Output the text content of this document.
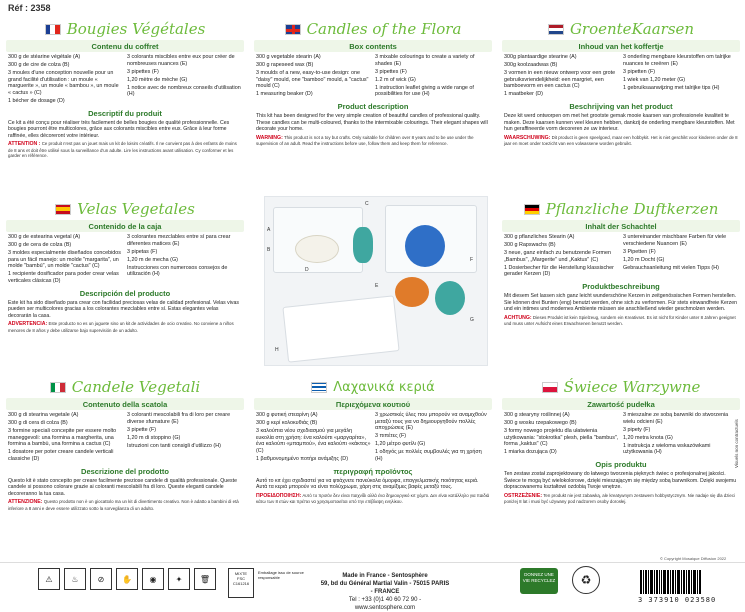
Réf : 2358
Bougies Végétales
Contenu du coffret
300 g de stéarine végétale (A)
300 g de cire de colza (B)
3 moules d'une conception nouvelle pour un grand facilité d'utilisation : un moule « marguerite », un moule « bambou », un moule « cactus » (C)
1 bécher de dosage (D)
3 colorants miscibles entre eux pour créer de nombreuses nuances (E)
3 pipettes (F)
1,20 mètre de mèche (G)
1 notice avec de nombreux conseils d'utilisation (H)
Descriptif du produit
Ce kit a été conçu pour réaliser très facilement de belles bougies de qualité professionnelle. Ces bougies pourront être multicolores, grâce aux colorants miscibles entre eux. Grâce à leur forme raffinée, elles décoreront votre intérieur.
ATTENTION : Ce produit n'est pas un jouet mais un kit de loisirs créatifs. Il ne convient pas à des enfants de moins de 8 ans et doit être utilisé sous la surveillance d'un adulte. Lire les instructions avant utilisation. Cy conformer et les garder en référence.
Candles of the Flora
Box contents
300 g vegetable stearin (A)
300 g rapeseed wax (B)
3 moulds of a new, easy-to-use design: one "daisy" mould, one "bamboo" mould, a "cactus" mould (C)
1 measuring beaker (D)
3 mixable colourings to create a variety of shades (E)
3 pipettes (F)
1.2 m of wick (G)
1 instruction leaflet giving a wide range of possibilities for use (H)
Product description
This kit has been designed for the very simple creation of beautiful candles of professional quality. These candles can be multi-coloured, thanks to the intermixable colourings. Their elegant shapes will decorate your home.
WARNING: This product is not a toy but crafts. Only suitable for children over 8 years and to be use under the supervision of an adult. Read the instructions before use, follow them and keep them for reference.
GroenteKaarsen
Inhoud van het koffertje
300g plantaardige stearine (A)
300g koolzaadwas (B)
3 vormen in een nieuw ontwerp voor een grote gebruiksvriendelijkheid: een margriet, een bamboevorm en een cactus (C)
1 maatbeker (D)
3 onderling mengbare kleurstoffen om talrijke nuances te creëren (E)
3 pipetten (F)
1 wiek van 1,20 meter (G)
1 gebruiksaanwijzing met talrijke tips (H)
Beschrijving van het product
Deze kit werd ontworpen om met het grootste gemak mooie kaarsen van professionele kwaliteit te maken. Deze kaarsen kunnen veel kleuren hebben, dankzij de onderling mengbare kleurstoffen. Met hun geraffineerde vorm decoreren ze uw interieur.
WAARSCHUWING: Dit product is geen speelgoed, maar een hobbykit. Het is niet geschikt voor kinderen onder de 8 jaar en moet onder toezicht van een volwassene worden gebruikt.
Velas Vegetales
Contenido de la caja
300 g de estearina vegetal (A)
300 g de cera de colza (B)
3 moldes especialmente diseñados concebidos para un fácil manejo: un molde "margarita", un molde "bambú", un molde "cactus" (C)
1 recipiente dosificador para poder crear velas verticales clásicas (D)
3 colorantes mezclables entre sí para crear diferentes matices (E)
3 pipetas (F)
1,20 m de mecha (G)
Instrucciones con numerosos consejos de utilización (H)
Descripción del producto
Este kit ha sido diseñado para crear con facilidad preciosas velas de calidad profesional. Velas vivas pueden ser multicolores gracias a los colorantes mezclables entre sí. Estas elegantes velas decorarán la casa.
ADVERTENCIA: Este producto no es un juguete sino un kit de actividades de ocio creativo. No conviene a niños menores de 8 años y debe utilizarse bajo supervisión de un adulto.
Pflanzliche Duftkerzen
Inhalt der Schachtel
300 g pflanzliches Stearin (A)
300 g Rapswachs (B)
3 neue, ganz einfach zu benutzende Formen „Bambus", „Margerite" und „Kaktus" (C)
1 Dosierbecher für die Herstellung klassischer gerader Kerzen (D)
3 untereinander mischbare Farben für viele verschiedene Nuancen (E)
3 Pipetten (F)
1,20 m Docht (G)
Gebrauchsanleitung mit vielen Tipps (H)
Produktbeschreibung
Mit diesem Set lassen sich ganz leicht wunderschöne Kerzen in zeitgenössischen Formen herstellen. Sie können drei Bunten (eng) benutzt werden, ohne sich zu verformen. Für stets einwandfreie Kerzen und ein intimes und modernes Ambiente müssen sie anschließend wieder geschmolzen werden.
ACHTUNG: Dieses Produkt ist kein Spielzeug, sondern ein Kreativset. Es ist nicht für Kinder unter 8 Jahren geeignet und muss unter Aufsicht eines Erwachsenen benutzt werden.
A
B
C
D
E
F
G
H
Candele Vegetali
Contenuto della scatola
300 g di stearina vegetale (A)
300 g di cera di colza (B)
3 formine speciali concepite per essere molto maneggevoli: una formina a margherita, una formina a bambù, una formina a cactus (C)
1 dosatore per poter creare candele verticali classiche (D)
3 coloranti mescolabili fra di loro per creare diverse sfumature (E)
3 pipette (F)
1,20 m di stoppino (G)
Istruzioni con tanti consigli d'utilizzo (H)
Descrizione del prodotto
Questo kit è stato concepito per creare facilmente preziose candele di qualità professionale. Queste candele si possono colorare grazie ai coloranti mescolabili fra di loro. Queste eleganti candele decoreranno la tua casa.
ATTENZIONE: Questo prodotto non è un giocattolo ma un kit di divertimento creativo. Non è adatto a bambini di età inferiore a 8 anni e deve essere utilizzato sotto la sorveglianza di un adulto.
Λαχανικά κεριά
Περιεχόμενα κουτιού
300 g φυτική στεαρίνη (A)
300 g κερί κολοκυθιάς (B)
3 καλούπια νέου σχεδιασμού για μεγάλη ευκολία στη χρήση: ένα καλούπι «μαργαρίτα», ένα καλούπι «μπαμπού», ένα καλούπι «κάκτος» (C)
1 βαθμονομημένο ποτήρι ανάμιξης (D)
3 χρωστικές ύλες που μπορούν να αναμιχθούν μεταξύ τους για να δημιουργηθούν πολλές αποχρώσεις (E)
3 πιπέτες (F)
1,20 μέτρο φυτίλι (G)
1 οδηγός με πολλές συμβουλές για τη χρήση (H)
περιγραφή προϊόντος
Αυτό το κιτ έχει σχεδιαστεί για να φτιάχνετε πανεύκολα όμορφα, επαγγελματικής ποιότητας κεριά. Αυτά τα κεριά μπορούν να είναι πολύχρωμα, χάρη στις αναμίξιμες βαφές μεταξύ τους.
ΠΡΟΕΙΔΟΠΟΙΗΣΗ: Αυτό το προϊόν δεν είναι παιχνίδι αλλά ένα δημιουργικό κιτ χόμπι. Δεν είναι κατάλληλο για παιδιά κάτω των 8 ετών και πρέπει να χρησιμοποιείται υπό την επίβλεψη ενηλίκου.
Świece Warzywne
Zawartość pudełka
300 g stearyny roślinnej (A)
300 g wosku rzepakowego (B)
3 formy nowego projektu dla ułatwienia użytkowania: "stokrotka" plesh, piella "bambus", forma „kaktus" (C)
1 miarka dozująca (D)
3 mieszalne ze sobą barwniki do stworzenia wielu odcieni (E)
3 pipety (F)
1,20 metra knota (G)
1 instrukcja z wieloma wskazówkami użytkowania (H)
Opis produktu
Ten zestaw został zaprojektowany do łatwego tworzenia pięknych świec o profesjonalnej jakości. Świece te mogą być wielokolorowe, dzięki mieszającym się między sobą barwnikom. Dzięki swojemu dopracowanemu kształtowi ozdobią Twoje wnętrze.
OSTRZEŻENIE: Ten produkt nie jest zabawką, ale kreatywnym zestawem hobbystycznym. Nie nadaje się dla dzieci poniżej 8 lat i musi być używany pod nadzorem osoby dorosłej.
⚠	♨	⊘	✋	◉	✦	🗑
MIXTE
FSC C161216
Emballage issu de source responsable	Made in France - Sentosphère
59, bd du Général Martial Valin - 75015 PARIS - FRANCE
Tel : +33 (0)1 40 60 72 90 - www.sentosphere.com
DONNEZ UNE VIE RECYCLEZ	♻
© Copyright Mosaique Diffusion 2022
3 373910 023580
Visuels non contractuels
